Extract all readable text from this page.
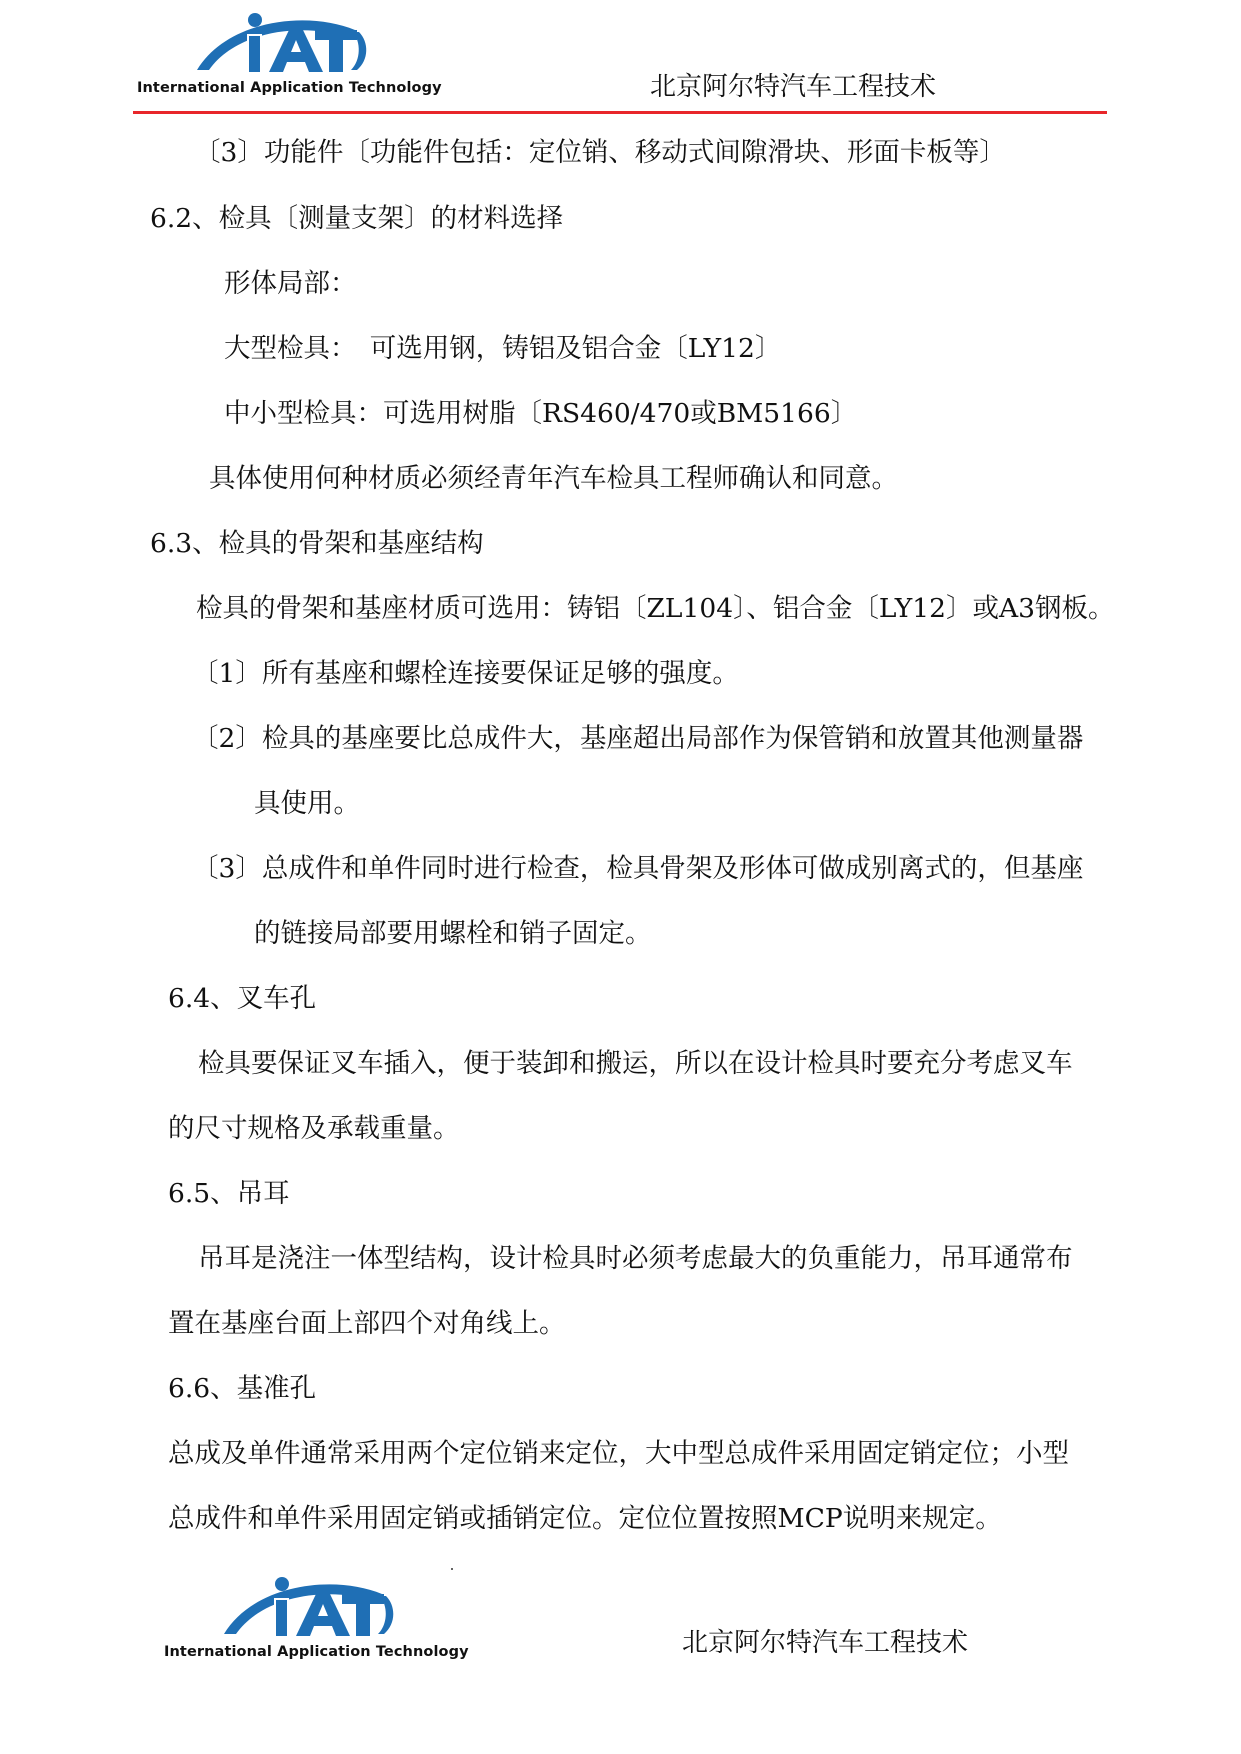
International Application Technology	北京阿尔特汽车工程技术
〔3〕功能件〔功能件包括：定位销、移动式间隙滑块、形面卡板等〕
6.2、检具〔测量支架〕的材料选择
形体局部：
大型检具：　可选用钢，铸铝及铝合金〔LY12〕
中小型检具：可选用树脂〔RS460/470或BM5166〕
具体使用何种材质必须经青年汽车检具工程师确认和同意。
6.3、检具的骨架和基座结构
检具的骨架和基座材质可选用：铸铝〔ZL104〕、铝合金〔LY12〕或A3钢板。
〔1〕所有基座和螺栓连接要保证足够的强度。
〔2〕检具的基座要比总成件大，基座超出局部作为保管销和放置其他测量器
具使用。
〔3〕总成件和单件同时进行检查，检具骨架及形体可做成别离式的，但基座
的链接局部要用螺栓和销子固定。
6.4、叉车孔
检具要保证叉车插入，便于装卸和搬运，所以在设计检具时要充分考虑叉车
的尺寸规格及承载重量。
6.5、吊耳
吊耳是浇注一体型结构，设计检具时必须考虑最大的负重能力，吊耳通常布
置在基座台面上部四个对角线上。
6.6、基准孔
总成及单件通常采用两个定位销来定位，大中型总成件采用固定销定位；小型
总成件和单件采用固定销或插销定位。定位位置按照MCP说明来规定。
International Application Technology	北京阿尔特汽车工程技术
